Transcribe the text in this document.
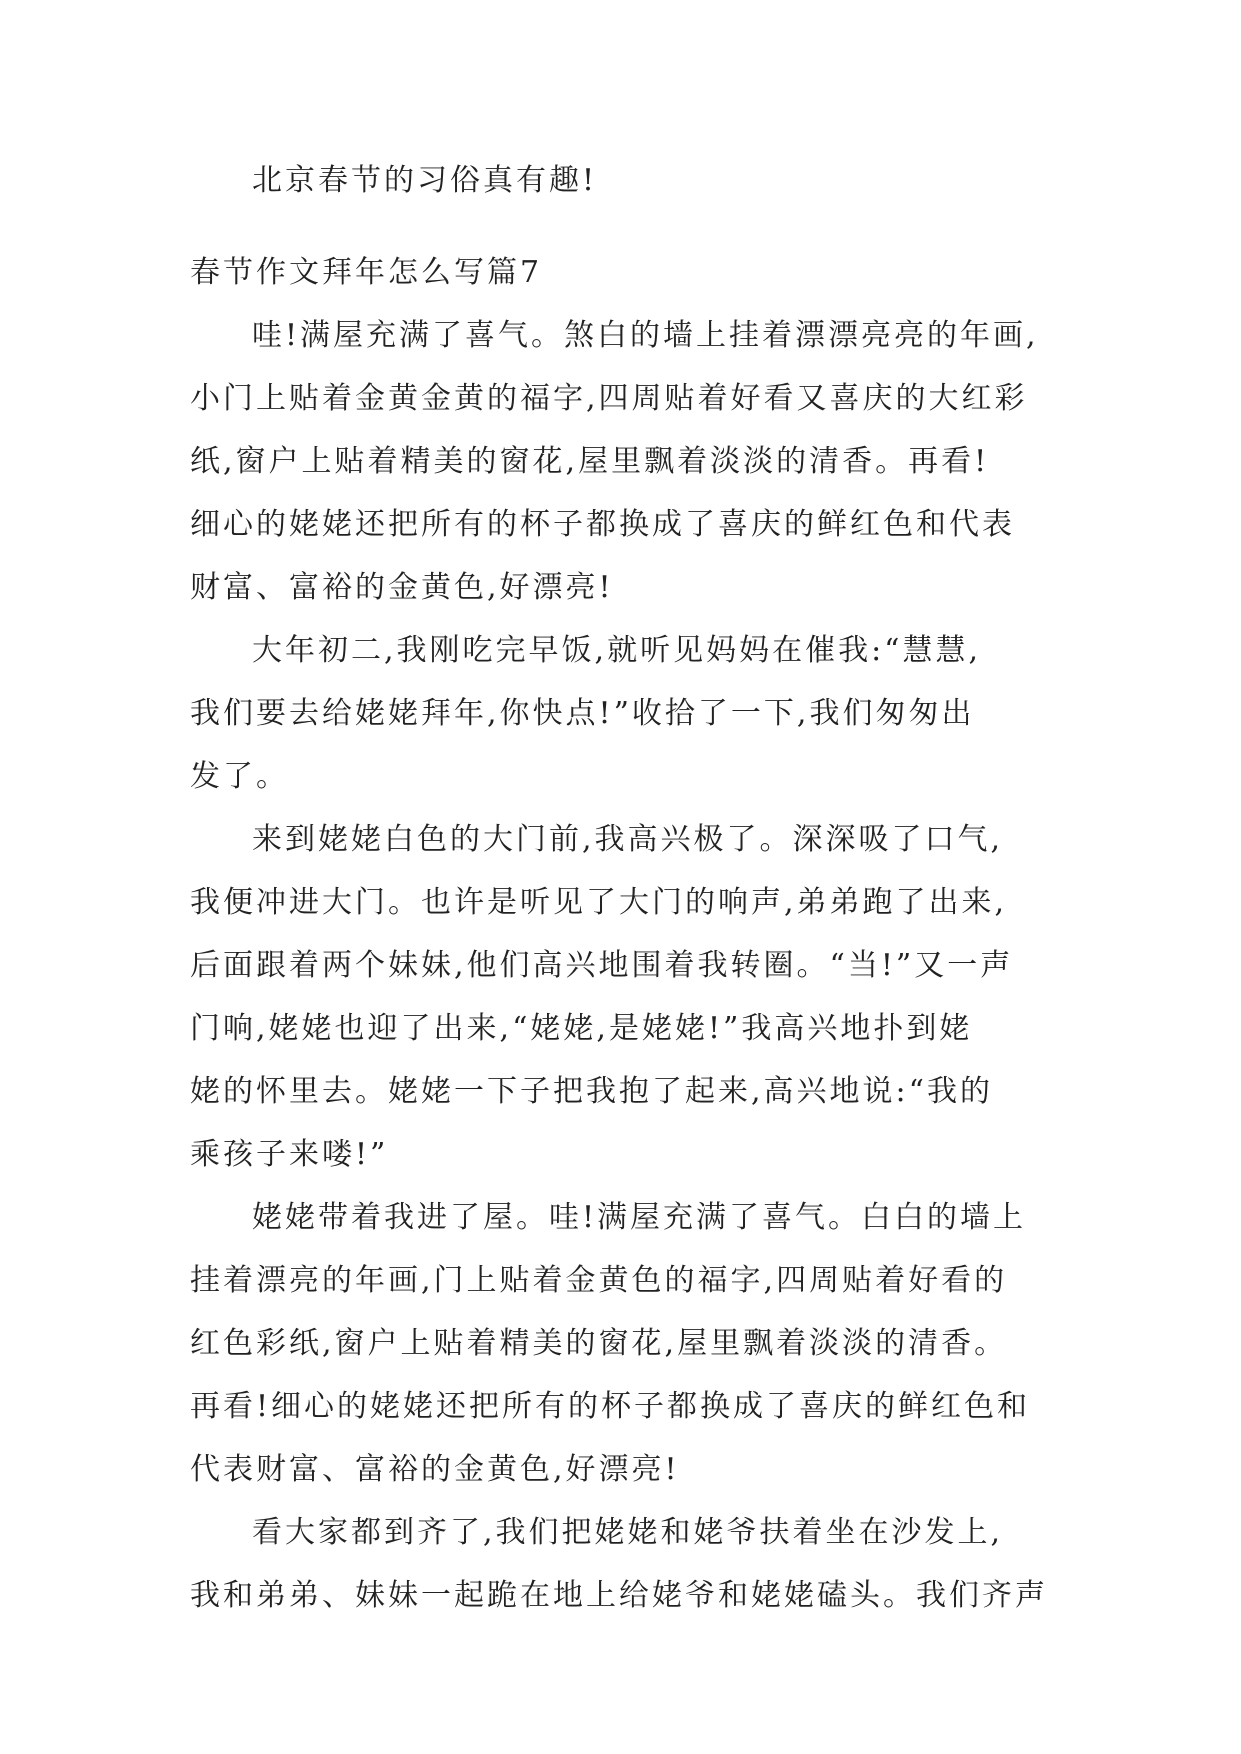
北京春节的习俗真有趣!
春节作文拜年怎么写篇7
哇!满屋充满了喜气。煞白的墙上挂着漂漂亮亮的年画,
小门上贴着金黄金黄的福字,四周贴着好看又喜庆的大红彩
纸,窗户上贴着精美的窗花,屋里飘着淡淡的清香。再看!
细心的姥姥还把所有的杯子都换成了喜庆的鲜红色和代表
财富、富裕的金黄色,好漂亮!
大年初二,我刚吃完早饭,就听见妈妈在催我:“慧慧,
我们要去给姥姥拜年,你快点!”收拾了一下,我们匆匆出
发了。
来到姥姥白色的大门前,我高兴极了。深深吸了口气,
我便冲进大门。也许是听见了大门的响声,弟弟跑了出来,
后面跟着两个妹妹,他们高兴地围着我转圈。“当!”又一声
门响,姥姥也迎了出来,“姥姥,是姥姥!”我高兴地扑到姥
姥的怀里去。姥姥一下子把我抱了起来,高兴地说:“我的
乘孩子来喽!”
姥姥带着我进了屋。哇!满屋充满了喜气。白白的墙上
挂着漂亮的年画,门上贴着金黄色的福字,四周贴着好看的
红色彩纸,窗户上贴着精美的窗花,屋里飘着淡淡的清香。
再看!细心的姥姥还把所有的杯子都换成了喜庆的鲜红色和
代表财富、富裕的金黄色,好漂亮!
看大家都到齐了,我们把姥姥和姥爷扶着坐在沙发上,
我和弟弟、妹妹一起跪在地上给姥爷和姥姥磕头。我们齐声
